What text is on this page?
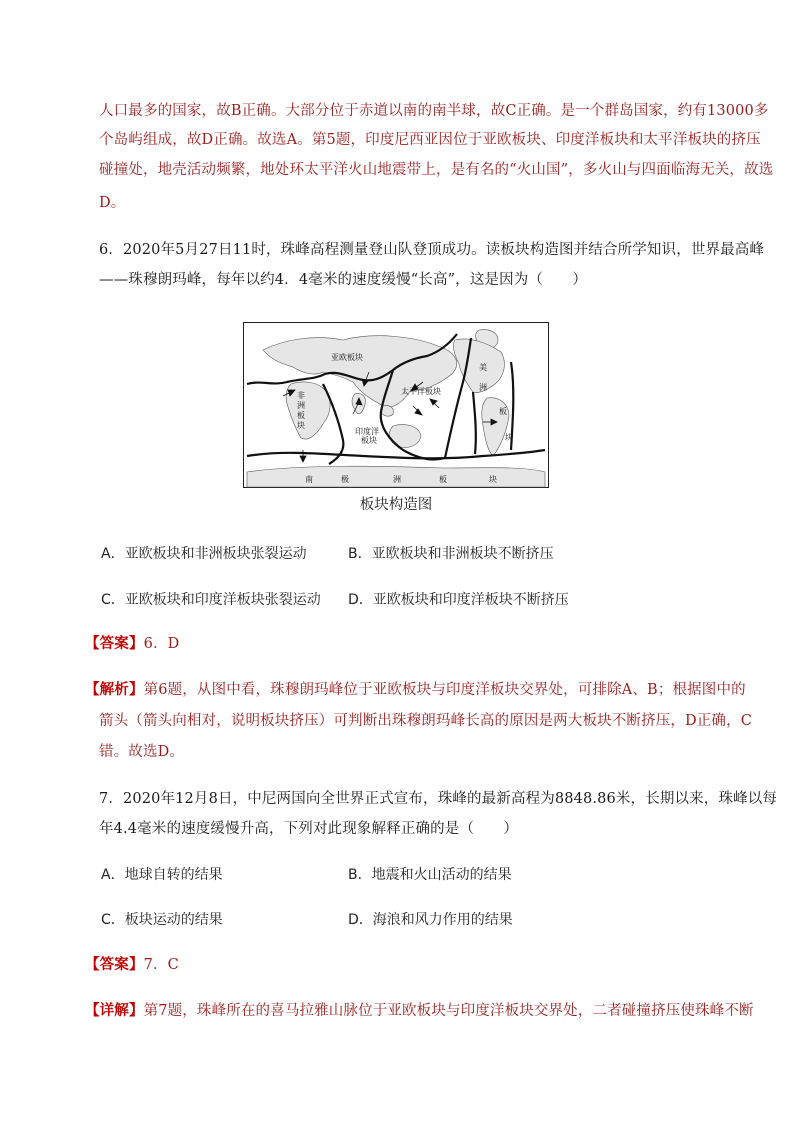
人口最多的国家，故B正确。大部分位于赤道以南的南半球，故C正确。是一个群岛国家，约有13000多
个岛屿组成，故D正确。故选A。第5题，印度尼西亚因位于亚欧板块、印度洋板块和太平洋板块的挤压
碰撞处，地壳活动频繁，地处环太平洋火山地震带上，是有名的“火山国”，多火山与四面临海无关，故选
D。
6．2020年5月27日11时，珠峰高程测量登山队登顶成功。读板块构造图并结合所学知识，世界最高峰
——珠穆朗玛峰，每年以约4．4毫米的速度缓慢“长高”，这是因为（　　）
亚欧板块
太平洋板块
印度洋
板块
非
洲
板
块
美
洲
板
块
南	极	洲	板	块
板块构造图
A．亚欧板块和非洲板块张裂运动	B．亚欧板块和非洲板块不断挤压
C．亚欧板块和印度洋板块张裂运动 D．亚欧板块和印度洋板块不断挤压
【答案】6．D
【解析】第6题，从图中看，珠穆朗玛峰位于亚欧板块与印度洋板块交界处，可排除A、B；根据图中的
箭头（箭头向相对，说明板块挤压）可判断出珠穆朗玛峰长高的原因是两大板块不断挤压，D正确，C
错。故选D。
7．2020年12月8日，中尼两国向全世界正式宣布，珠峰的最新高程为8848.86米，长期以来，珠峰以每
年4.4毫米的速度缓慢升高，下列对此现象解释正确的是（　　）
A．地球自转的结果	B．地震和火山活动的结果
C．板块运动的结果	D．海浪和风力作用的结果
【答案】7．C
【详解】第7题，珠峰所在的喜马拉雅山脉位于亚欧板块与印度洋板块交界处，二者碰撞挤压使珠峰不断
